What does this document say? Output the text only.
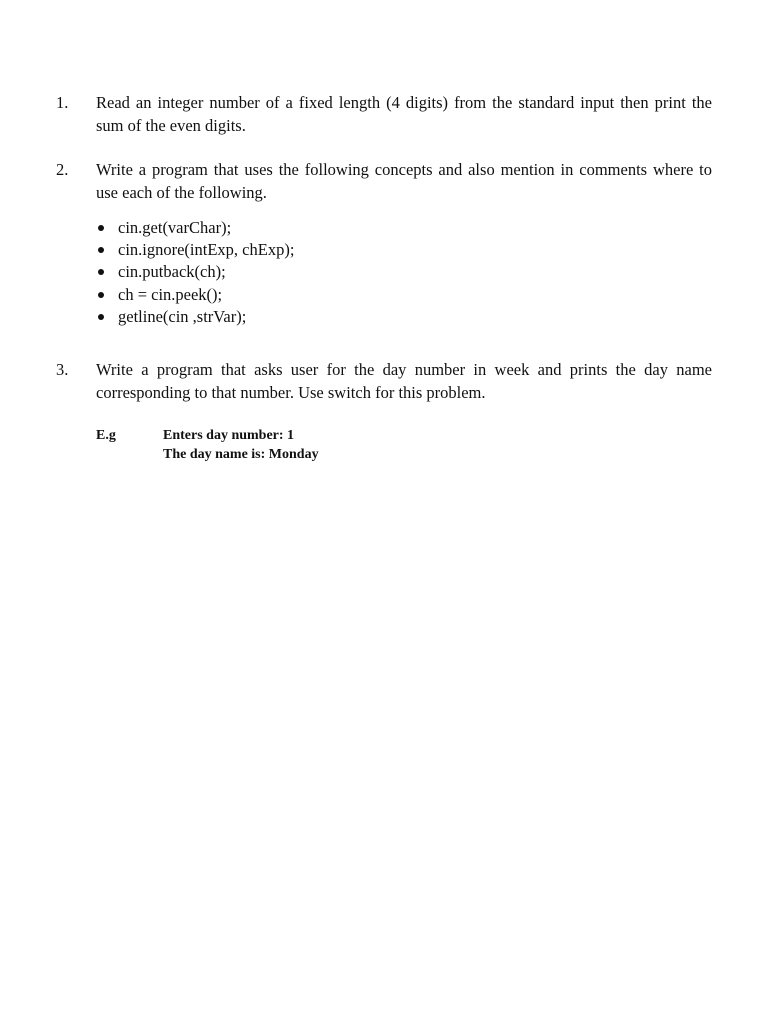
1. Read an integer number of a fixed length (4 digits) from the standard input then print the sum of the even digits.
2. Write a program that uses the following concepts and also mention in comments where to use each of the following.
cin.get(varChar);
cin.ignore(intExp, chExp);
cin.putback(ch);
ch = cin.peek();
getline(cin ,strVar);
3. Write a program that asks user for the day number in week and prints the day name corresponding to that number. Use switch for this problem.
E.g	Enters day number: 1
The day name is: Monday
